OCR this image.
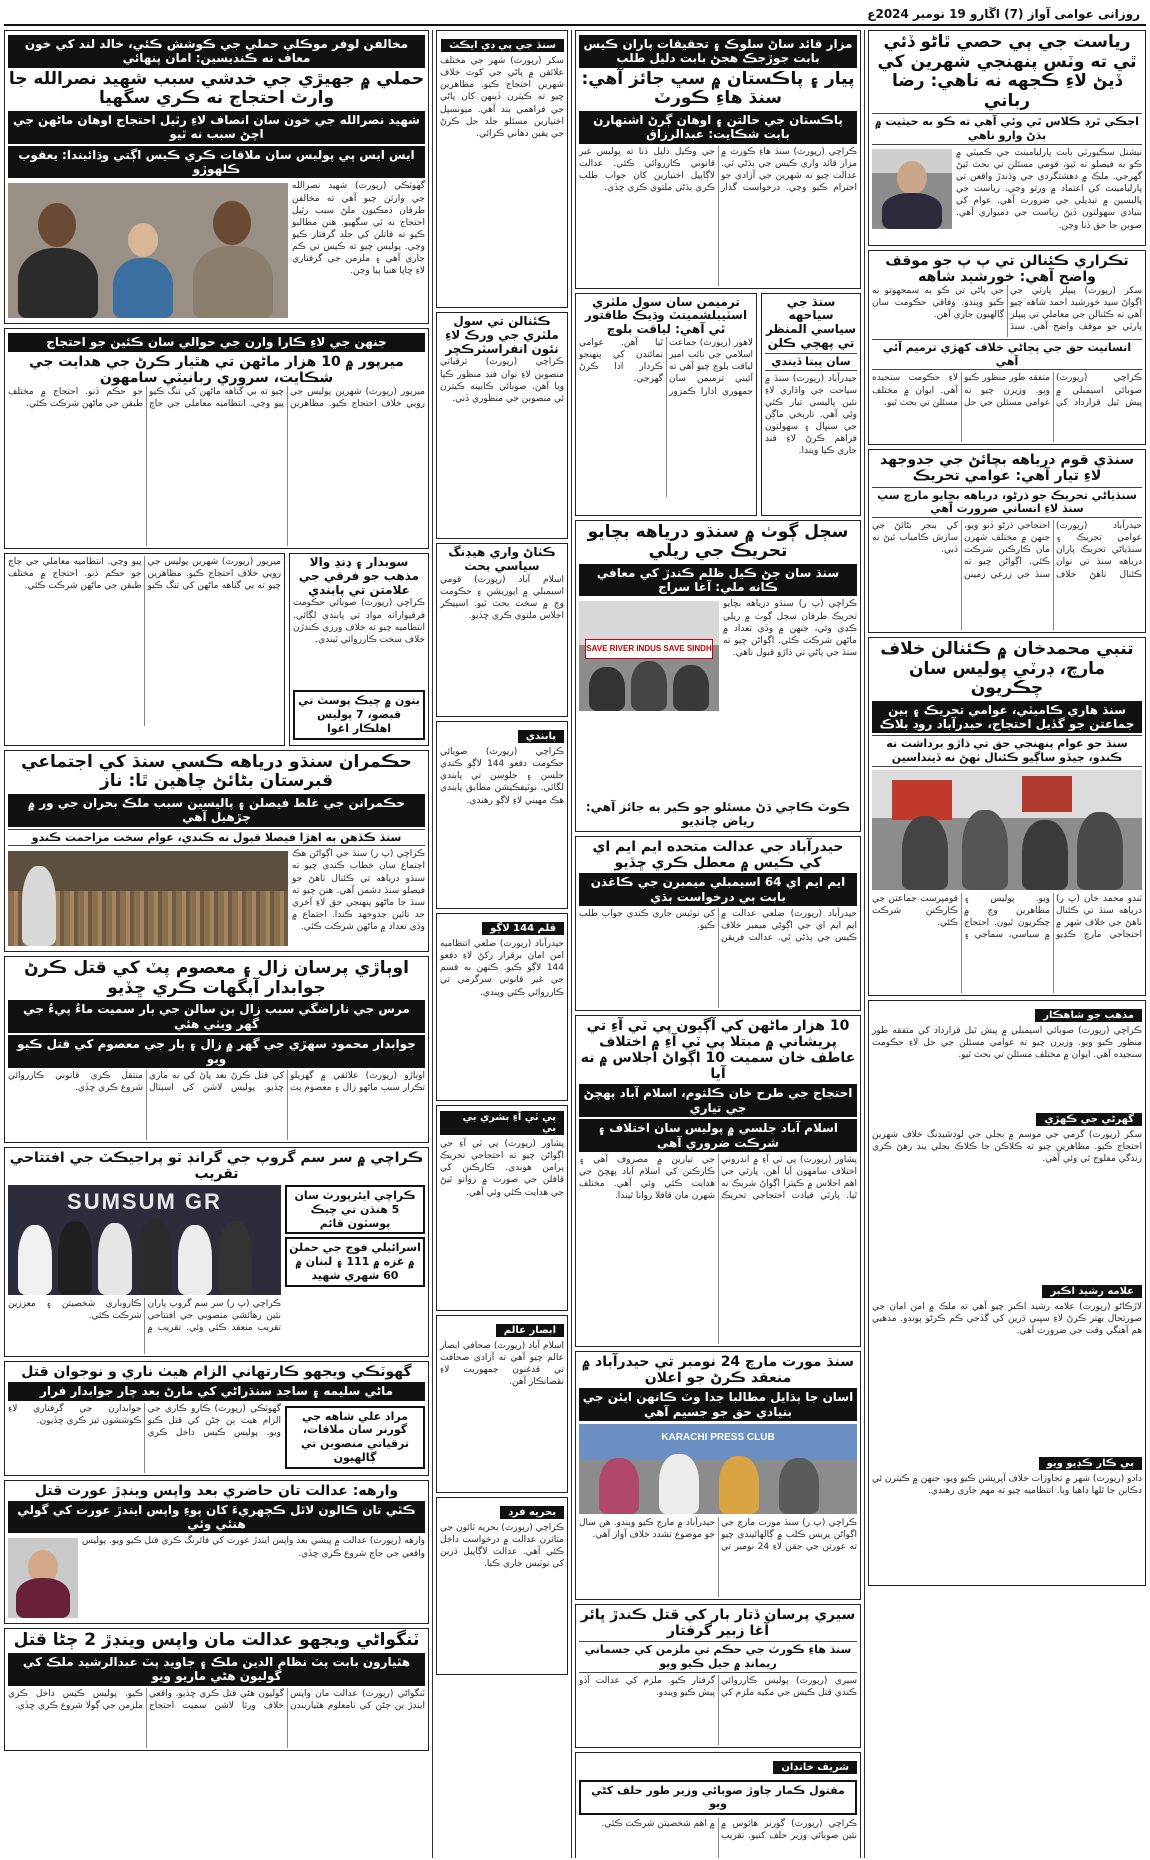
روزانی عوامی آواز (7) اڱارو 19 نومبر 2024ع
رياست جي ٻي حصي ٿاڻو ڏئي ٿي ته وٽس پنهنجي شهرين کي ڏيڻ لاءِ ڪجهه نه ناهي: رضا رباني
اڄڪي ٿرڊ ڪلاس ٿي وئي آهي ته ڪو به حيثيت ۾ ٻڌڻ وارو ناهي
نيشنل سڪيورٽي بابت پارليامينٽ جي ڪميٽي ۾ ڪو به فيصلو نه ٿيو، قومي مسئلن تي بحث ٿيڻ گهرجي. ملڪ ۾ دهشتگردي جي وڌندڙ واقعن تي پارليامينٽ کي اعتماد ۾ ورتو وڃي. رياست جي پاليسين ۾ تبديلي جي ضرورت آهي. عوام کي بنيادي سهولتون ڏيڻ رياست جي ذميواري آهي. صوبن جا حق ڏنا وڃن.
تڪراري ڪئنالن تي پ پ جو موقف واضح آهي: خورشيد شاهه
سکر (رپورٽ) پيپلز پارٽي جي اڳواڻ سيد خورشيد احمد شاهه چيو آهي ته ڪئنالن جي معاملي تي پيپلز پارٽي جو موقف واضح آهي. سنڌ جي پاڻي تي ڪو به سمجهوتو نه ڪيو ويندو. وفاقي حڪومت سان ڳالهيون جاري آهن.
انسانيت حق جي پڄاڻي خلاف کهڙي ترميم آئي آهي
ڪراچي (رپورٽ) صوبائي اسيمبلي ۾ پيش ٿيل قرارداد کي متفقه طور منظور ڪيو ويو. وزيرن چيو ته عوامي مسئلن جي حل لاءِ حڪومت سنجيده آهي. ايوان ۾ مختلف مسئلن تي بحث ٿيو.
سنڌي قوم درياهه بچائڻ جي جدوجهد لاءِ تيار آهي: عوامي تحريڪ
سنڌياڻي تحريڪ جو ڌرڻو، درياهه بچايو مارچ سڀ سنڌ لاءِ انساني ضرورت آهي
حيدرآباد (رپورٽ) عوامي تحريڪ ۽ سنڌياڻي تحريڪ پاران درياهه سنڌ تي نوان ڪئنال ٺاهڻ خلاف احتجاجي ڌرڻو ڏنو ويو، جنهن ۾ مختلف شهرن مان ڪارڪنن شرڪت ڪئي. اڳواڻن چيو ته سنڌ جي زرعي زمينن کي بنجر بڻائڻ جي سازش ڪامياب ٿيڻ نه ڏبي.
تنبي محمدخان ۾ ڪئنالن خلاف مارچ، ڊرٽي پوليس سان چڪريون
سنڌ هاري ڪاميٽي، عوامي تحريڪ ۽ ٻين جماعتن جو گڏيل احتجاج، حيدرآباد روڊ بلاڪ
سنڌ جو عوام پنهنجي حق تي ڌاڙو برداشت نه ڪندو، جيڏو ساڳيو ڪئنال ٺهڻ نه ڏينداسين
ٽنڊو محمد خان (پ ر) درياهه سنڌ تي ڪئنال ٺاهڻ جي خلاف شهر ۾ احتجاجي مارچ ڪڍيو ويو. پوليس ۽ مظاهرين وچ ۾ چڪريون ٿيون. احتجاج ۾ سياسي، سماجي ۽ قومپرست جماعتن جي ڪارڪنن شرڪت ڪئي.
مذهب جو شاهڪار
ڪراچي (رپورٽ) صوبائي اسيمبلي ۾ پيش ٿيل قرارداد کي متفقه طور منظور ڪيو ويو. وزيرن چيو ته عوامي مسئلن جي حل لاءِ حڪومت سنجيده آهي. ايوان ۾ مختلف مسئلن تي بحث ٿيو.
گهرڻي جي ڪهڙي
سکر (رپورٽ) گرمي جي موسم ۾ بجلي جي لوڊشيڊنگ خلاف شهرين احتجاج ڪيو. مظاهرين چيو ته ڪلاڪن جا ڪلاڪ بجلي بند رهڻ ڪري زندگي مفلوج ٿي وئي آهي.
علامه رشيد اڪبر
لاڙڪاڻو (رپورٽ) علامه رشيد اڪبر چيو آهي ته ملڪ ۾ امن امان جي صورتحال بهتر ڪرڻ لاءِ سڀني ڌرين کي گڏجي ڪم ڪرڻو پوندو. مذهبي هم آهنگي وقت جي ضرورت آهي.
ٻي ڪار ڪڍيو ويو
دادو (رپورٽ) شهر ۾ تجاوزات خلاف آپريشن ڪيو ويو، جنهن ۾ ڪيترن ئي دڪانن جا ٿلها ڊاهيا ويا. انتظاميه چيو ته مهم جاري رهندي.
مزار قائد ساڻ سلوڪ ۽ تحقيقات پاران ڪيس بابت جوڙجڪ هجڻ بابت دليل طلب
پيار ۽ پاڪستان ۾ سڀ جائز آهي: سنڌ هاءِ ڪورٽ
پاڪستان جي حالتن ۽ اوهان ڳرڻ اشتهارن بابت شڪايت: عبدالرزاق
ڪراچي (رپورٽ) سنڌ هاءِ ڪورٽ ۾ مزار قائد واري ڪيس جي ٻڌڻي ٿي. عدالت چيو ته شهرين جي آزادي جو احترام ڪيو وڃي. درخواست گذار جي وڪيل دليل ڏنا ته پوليس غير قانوني ڪارروائي ڪئي. عدالت لاڳاپيل اختيارين کان جواب طلب ڪري ٻڌڻي ملتوي ڪري ڇڏي.
سنڌ جي سياحهه سياسي المنظر تي پهچي ڪلن
سان پيتا ڏيندي
حيدرآباد (رپورٽ) سنڌ ۾ سياحت جي واڌاري لاءِ نئين پاليسي تيار ڪئي وئي آهي. تاريخي ماڳن جي سنڀال ۽ سهولتون فراهم ڪرڻ لاءِ فنڊ جاري ڪيا ويندا.
ترميمن سان سول ملٽري اسٽيبلشمينٽ وڌيڪ طاقتور ٿي آهي: لياقت بلوچ
لاهور (رپورٽ) جماعت اسلامي جي نائب امير لياقت بلوچ چيو آهي ته آئيني ترميمن سان جمهوري ادارا ڪمزور ٿيا آهن. عوامي نمائندن کي پنهنجو ڪردار ادا ڪرڻ گهرجي.
سڄل ڳوٺ ۾ سنڌو درياهه بچايو تحريڪ جي ريلي
سنڌ سان ڄڻ ڪيل ظلم ڪندڙ کي معافي ڪانه ملي: آغا سراج
SAVE RIVER INDUS SAVE SINDH
ڪراچي (پ ر) سنڌو درياهه بچايو تحريڪ طرفان سڄل ڳوٺ ۾ ريلي ڪڍي وئي، جنهن ۾ وڏي تعداد ۾ ماڻهن شرڪت ڪئي. اڳواڻن چيو ته سنڌ جي پاڻي تي ڌاڙو قبول ناهي.
ڪوٽ ڪاڄي ڌڻ مسئلو جو ڪير به جائز آهي: رياض چانڊيو
حيدرآباد جي عدالت متحده ايم ايم اي کي ڪيس ۾ معطل ڪري ڇڏيو
ايم ايم اي 64 اسيمبلي ميمبرن جي ڪاغذن بابت ٻي درخواست ٻڌي
حيدرآباد (رپورٽ) ضلعي عدالت ۾ ايم ايم اي جي اڳوڻي ميمبر خلاف ڪيس جي ٻڌڻي ٿي. عدالت فريقن کي نوٽيس جاري ڪندي جواب طلب ڪيو.
10 هزار ماڻهن کي آڳيون پي ٽي آءِ تي پريشاني ۾ مبتلا پي ٽي آءِ ۾ اختلاف عاطف خان سميت 10 اڳواڻ اجلاس ۾ نه آيا
احتجاج جي طرح خان ڪلثوم، اسلام آباد پهچڻ جي تياري
اسلام آباد جلسي ۾ پوليس سان اختلاف ۽ شرڪت ضروري آهي
پشاور (رپورٽ) پي ٽي آءِ ۾ اندروني اختلاف سامهون آيا آهن. پارٽي جي اهم اجلاس ۾ ڪيترا اڳواڻ شريڪ نه ٿيا. پارٽي قيادت احتجاجي تحريڪ جي تيارين ۾ مصروف آهي ۽ ڪارڪنن کي اسلام آباد پهچڻ جي هدايت ڪئي وئي آهي. مختلف شهرن مان قافلا روانا ٿيندا.
سنڌ مورت مارچ 24 نومبر تي حيدرآباد ۾ منعقد ڪرڻ جو اعلان
اسان جا ٻڌايل مطالبا جدا وٽ ڪانهن ايئن جي بنيادي حق جو جسيم آهي
KARACHI PRESS CLUB
ڪراچي (پ ر) سنڌ مورت مارچ جي اڳواڻن پريس ڪلب ۾ ڳالهائيندي چيو ته عورتن جي حقن لاءِ 24 نومبر تي حيدرآباد ۾ مارچ ڪيو ويندو. هن سال جو موضوع تشدد خلاف آواز آهي.
سيري پرسان ڏتار بار کي قتل ڪندڙ ڀائر آغا زبير گرفتار
سنڌ هاءِ ڪورٽ جي حڪم تي ملزمن کي جسماني ريمانڊ ۾ جيل ڪيو ويو
سيري (رپورٽ) پوليس ڪارروائي ڪندي قتل ڪيس جي مکيه ملزم کي گرفتار ڪيو. ملزم کي عدالت آڏو پيش ڪيو ويندو.
شريف خانڊان
مقتول ڪمار چاوڙ صوبائي وزير طور حلف کڻي ويو
ڪراچي (رپورٽ) گورنر هائوس ۾ نئين صوبائي وزير حلف کنيو. تقريب ۾ اهم شخصيتن شرڪت ڪئي.
سنڌ جي پي ڊي ايڪٽ
سکر (رپورٽ) شهر جي مختلف علائقن ۾ پاڻي جي کوٽ خلاف شهرين احتجاج ڪيو. مظاهرين چيو ته ڪيترن ڏينهن کان پاڻي جي فراهمي بند آهي. ميونسپل اختيارين مسئلو جلد حل ڪرڻ جي يقين دهاني ڪرائي.
ڪئنالن تي سول ملٽري جي ورڪ لاءِ نئون انفراسٽرڪچر
ڪراچي (رپورٽ) ترقياتي منصوبن لاءِ نوان فنڊ منظور ڪيا ويا آهن. صوبائي ڪابينه ڪيترن ئي منصوبن جي منظوري ڏني.
ڪٺاڻ واري هيڊنگ سياسي بحث
اسلام آباد (رپورٽ) قومي اسيمبلي ۾ اپوزيشن ۽ حڪومت وچ ۾ سخت بحث ٿيو. اسپيڪر اجلاس ملتوي ڪري ڇڏيو.
پابندي
ڪراچي (رپورٽ) صوبائي حڪومت دفعو 144 لاڳو ڪندي جلسن ۽ جلوسن تي پابندي لڳائي. نوٽيفڪيشن مطابق پابندي هڪ مهيني لاءِ لاڳو رهندي.
قلم 144 لاڳو
حيدرآباد (رپورٽ) ضلعي انتظاميه امن امان برقرار رکڻ لاءِ دفعو 144 لاڳو ڪيو. ڪنهن به قسم جي غير قانوني سرگرمي تي ڪارروائي ڪئي ويندي.
پي ٽي آءِ بشري بي بي
پشاور (رپورٽ) پي ٽي آءِ جي اڳواڻن چيو ته احتجاجي تحريڪ پرامن هوندي. ڪارڪنن کي قافلن جي صورت ۾ روانو ٿيڻ جي هدايت ڪئي وئي آهي.
ابصار عالم
اسلام آباد (رپورٽ) صحافي ابصار عالم چيو آهي ته آزادي صحافت تي قدغنون جمهوريت لاءِ نقصانڪار آهن.
بحريه فرڊ
ڪراچي (رپورٽ) بحريه ٽائون جي متاثرن عدالت ۾ درخواست داخل ڪئي آهي. عدالت لاڳاپيل ڌرين کي نوٽيس جاري ڪيا.
مخالفن لوفر موڪلي حملي جي ڪوشش ڪئي، خالد لند کي خون معاف نه ڪنديسين: امان پنهائي
حملي ۾ جهيڙي جي خدشي سبب شهيد نصرالله جا وارث احتجاج نه ڪري سگهيا
شهيد نصرالله جي خون سان انصاف لاءِ رٿيل احتجاج اوهان ماڻهن جي اچڻ سبب نه ٿيو
ايس ايس پي پوليس سان ملاقات ڪري ڪيس اڳتي وڌائيندا: يعقوب ڪلهوڙو
گهوٽڪي (رپورٽ) شهيد نصرالله جي وارثن چيو آهي ته مخالفن طرفان ڌمڪيون ملڻ سبب رٿيل احتجاج نه ٿي سگهيو. هنن مطالبو ڪيو ته قاتلن کي جلد گرفتار ڪيو وڃي. پوليس چيو ته ڪيس تي ڪم جاري آهي ۽ ملزمن جي گرفتاري لاءِ ڇاپا هنيا پيا وڃن.
جنهن جي لاءِ ڪارا وارن جي حوالي سان ڪئين جو احتجاج
ميرپور ۾ 10 هزار ماڻهن تي هٿيار ڪرڻ جي هدايت جي شڪايت، سروري ربانيٽي سامهون
ميرپور (رپورٽ) شهرين پوليس جي رويي خلاف احتجاج ڪيو. مظاهرين چيو ته بي گناهه ماڻهن کي تنگ ڪيو پيو وڃي. انتظاميه معاملي جي جاچ جو حڪم ڏنو. احتجاج ۾ مختلف طبقن جي ماڻهن شرڪت ڪئي.
سوبدار ۽ ڍنڍ والا مذهب جو فرقي جي علامتن تي پابندي
ڪراچي (رپورٽ) صوبائي حڪومت فرقيوارانه مواد تي پابندي لڳائي. انتظاميه چيو ته خلاف ورزي ڪندڙن خلاف سخت ڪارروائي ٿيندي.
بنون ۾ چيڪ پوسٽ تي قبضو، 7 پوليس اهلڪار اغوا
ميرپور (رپورٽ) شهرين پوليس جي رويي خلاف احتجاج ڪيو. مظاهرين چيو ته بي گناهه ماڻهن کي تنگ ڪيو پيو وڃي. انتظاميه معاملي جي جاچ جو حڪم ڏنو. احتجاج ۾ مختلف طبقن جي ماڻهن شرڪت ڪئي.
حڪمران سنڌو درياهه ڪسي سنڌ کي اجتماعي قبرستان بڻائڻ چاهين ٿا: ناز
حڪمرانن جي غلط فيصلن ۽ پاليسين سبب ملڪ بحران جي ور ۾ چڙهيل آهي
سنڌ ڪڏهن به اهڙا فيصلا قبول نه ڪندي، عوام سخت مزاحمت ڪندو
ڪراچي (پ ر) سنڌ جي اڳواڻن هڪ اجتماع سان خطاب ڪندي چيو ته سنڌو درياهه تي ڪئنال ٺاهڻ جو فيصلو سنڌ دشمن آهي. هنن چيو ته سنڌ جا ماڻهو پنهنجي حق لاءِ آخري حد تائين جدوجهد ڪندا. اجتماع ۾ وڏي تعداد ۾ ماڻهن شرڪت ڪئي.
اوٻاڙي پرسان زال ۽ معصوم پٽ کي قتل ڪرڻ جوابدار آپگهات ڪري ڇڏيو
مرس جي ناراضگي سبب زال ٻن سالن جي ٻار سميت ماءُ پيءُ جي گهر ويٺي هئي
جوابدار محمود سهڙي جي گهر ۾ زال ۽ ٻار جي معصوم کي قتل ڪيو ويو
اوٻاڙو (رپورٽ) علائقي ۾ گهريلو تڪرار سبب ماڻهو زال ۽ معصوم پٽ کي قتل ڪرڻ بعد پاڻ کي به ماري ڇڏيو. پوليس لاشن کي اسپتال منتقل ڪري قانوني ڪارروائي شروع ڪري ڇڏي.
ڪراچي ۾ سر سم گروپ جي گرانڊ ٽو پراجيڪٽ جي افتتاحي تقريب
ڪراچي ايئرپورٽ سان 5 هنڌن تي چيڪ پوسٽون قائم
اسرائيلي فوج جي حملن ۾ غزه ۾ 111 ۽ لبنان ۾ 60 شهري شهيد
SUMSUM GR
ڪراچي (پ ر) سر سم گروپ پاران نئين رهائشي منصوبي جي افتتاحي تقريب منعقد ڪئي وئي. تقريب ۾ ڪاروباري شخصيتن ۽ معززين شرڪت ڪئي.
گهوٽڪي ويجهو ڪارتهاني الزام هيٺ ناري و نوجوان قتل
ماڻي سليمه ۽ ساجد سنڌراڻي کي مارڻ بعد چار جوابدار فرار
مراد علي شاهه جي گورنر سان ملاقات، ترقياتي منصوبن تي ڳالهيون
گهوٽڪي (رپورٽ) ڪارو ڪاري جي الزام هيٺ ٻن ڄڻن کي قتل ڪيو ويو. پوليس ڪيس داخل ڪري جوابدارن جي گرفتاري لاءِ ڪوششون تيز ڪري ڇڏيون.
وارهه: عدالت تان حاضري بعد واپس وينڊڙ عورت قتل
ڪٿي تان ڪالون لاٿل ڪچهريءَ کان پوءِ واپس ايندڙ عورت کي گولي هنئي وئي
وارهه (رپورٽ) عدالت ۾ پيشي بعد واپس ايندڙ عورت کي فائرنگ ڪري قتل ڪيو ويو. پوليس واقعي جي جاچ شروع ڪري ڇڏي.
ٽنگواڻي ويجهو عدالت مان واپس وينڊڙ 2 ڄڻا قتل
هٿيارون بابت پٽ نظام الدين ملڪ ۽ جاويد پٽ عبدالرشيد ملڪ کي گوليون هڻي ماريو ويو
ٽنگواڻي (رپورٽ) عدالت مان واپس ايندڙ ٻن ڄڻن کي نامعلوم هٿياربندن گوليون هڻي قتل ڪري ڇڏيو. واقعي خلاف ورثا لاشن سميت احتجاج ڪيو. پوليس ڪيس داخل ڪري ملزمن جي ڳولا شروع ڪري ڇڏي.
